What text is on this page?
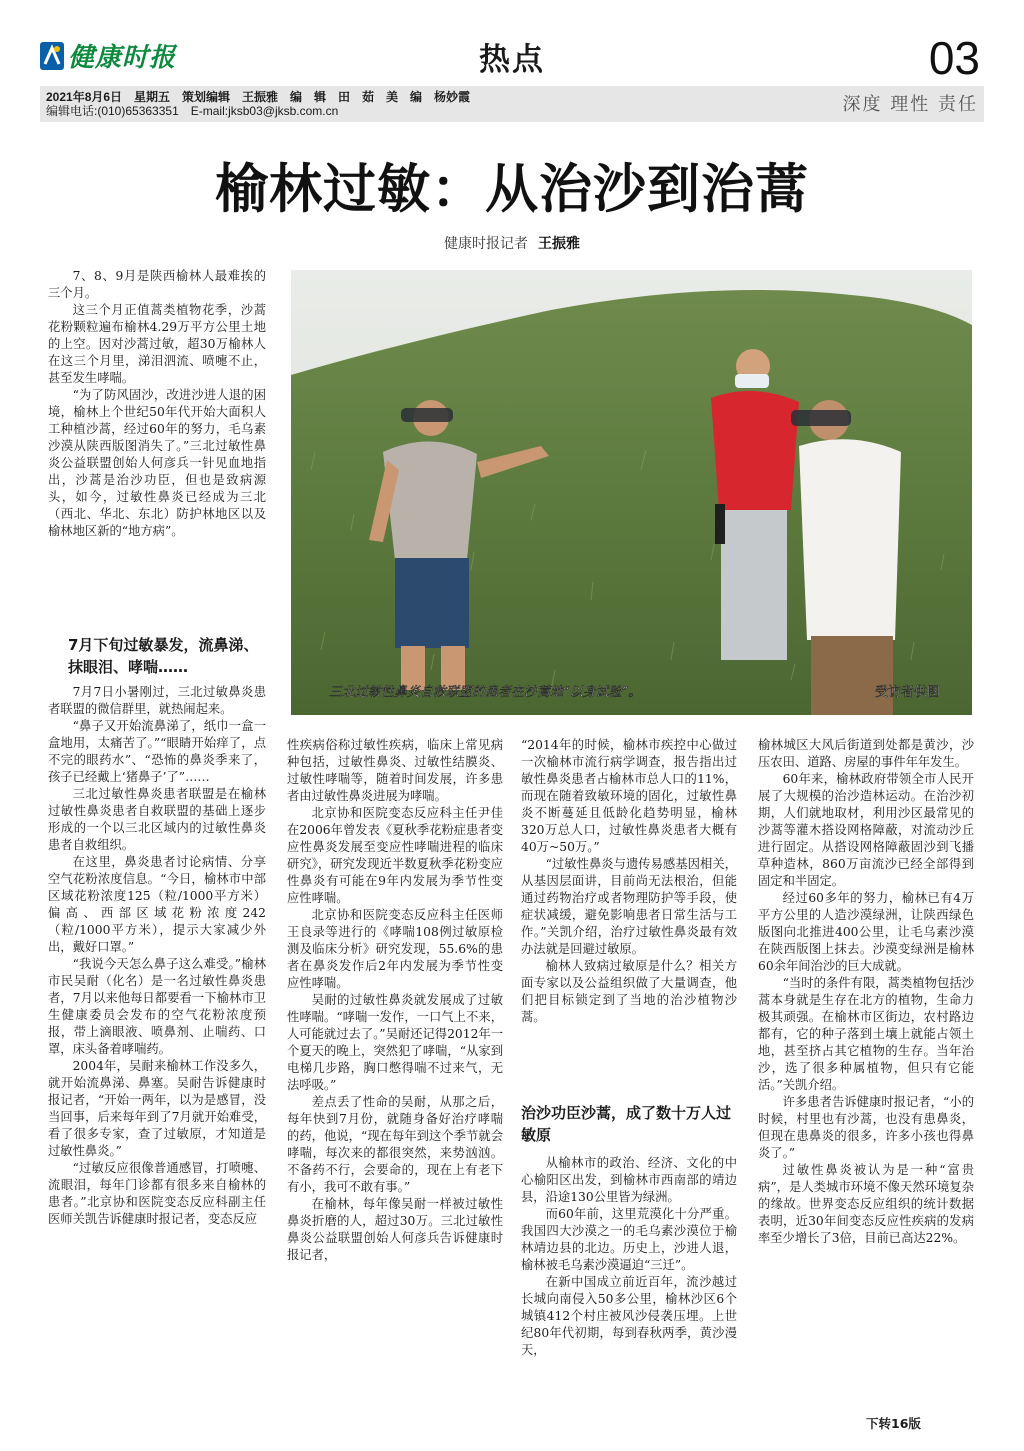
健康时报	热点	03
2021年8月6日　星期五　策划编辑　王振雅　编　辑　田　茹　美　编　杨妙霞
编辑电话:(010)65363351　E-mail:jksb03@jksb.com.cn	深度 理性 责任
榆林过敏：从治沙到治蒿
健康时报记者 王振雅
三北过敏性鼻炎自救联盟的患者在沙蒿地“以身试验”。	受访者供图

7、8、9月是陕西榆林人最难挨的三个月。

这三个月正值蒿类植物花季，沙蒿花粉颗粒遍布榆林4.29万平方公里土地的上空。因对沙蒿过敏，超30万榆林人在这三个月里，涕泪泗流、喷嚏不止，甚至发生哮喘。

“为了防风固沙，改进沙进人退的困境，榆林上个世纪50年代开始大面积人工种植沙蒿，经过60年的努力，毛乌素沙漠从陕西版图消失了。”三北过敏性鼻炎公益联盟创始人何彦兵一针见血地指出，沙蒿是治沙功臣，但也是致病源头，如今，过敏性鼻炎已经成为三北（西北、华北、东北）防护林地区以及榆林地区新的“地方病”。

7月下旬过敏暴发，流鼻涕、抹眼泪、哮喘……

7月7日小暑刚过，三北过敏鼻炎患者联盟的微信群里，就热闹起来。

“鼻子又开始流鼻涕了，纸巾一盒一盒地用，太痛苦了。”“眼睛开始痒了，点不完的眼药水”、“恐怖的鼻炎季来了，孩子已经戴上‘猪鼻子’了”……

三北过敏性鼻炎患者联盟是在榆林过敏性鼻炎患者自救联盟的基础上逐步形成的一个以三北区域内的过敏性鼻炎患者自救组织。

在这里，鼻炎患者讨论病情、分享空气花粉浓度信息。“今日，榆林市中部区域花粉浓度125（粒/1000平方米）偏高、西部区域花粉浓度242（粒/1000平方米），提示大家减少外出，戴好口罩。”

“我说今天怎么鼻子这么难受。”榆林市民吴耐（化名）是一名过敏性鼻炎患者，7月以来他每日都要看一下榆林市卫生健康委员会发布的空气花粉浓度预报，带上滴眼液、喷鼻剂、止喘药、口罩，床头备着哮喘药。

2004年，吴耐来榆林工作没多久，就开始流鼻涕、鼻塞。吴耐告诉健康时报记者，“开始一两年，以为是感冒，没当回事，后来每年到了7月就开始难受，看了很多专家，查了过敏原，才知道是过敏性鼻炎。”

“过敏反应很像普通感冒，打喷嚏、流眼泪，每年门诊都有很多来自榆林的患者。”北京协和医院变态反应科副主任医师关凯告诉健康时报记者，变态反应

性疾病俗称过敏性疾病，临床上常见病种包括，过敏性鼻炎、过敏性结膜炎、过敏性哮喘等，随着时间发展，许多患者由过敏性鼻炎进展为哮喘。

北京协和医院变态反应科主任尹佳在2006年曾发表《夏秋季花粉症患者变应性鼻炎发展至变应性哮喘进程的临床研究》，研究发现近半数夏秋季花粉变应性鼻炎有可能在9年内发展为季节性变应性哮喘。

北京协和医院变态反应科主任医师王良录等进行的《哮喘108例过敏原检测及临床分析》研究发现，55.6%的患者在鼻炎发作后2年内发展为季节性变应性哮喘。

吴耐的过敏性鼻炎就发展成了过敏性哮喘。“哮喘一发作，一口气上不来，人可能就过去了。”吴耐还记得2012年一个夏天的晚上，突然犯了哮喘，“从家到电梯几步路，胸口憋得喘不过来气，无法呼吸。”

差点丢了性命的吴耐，从那之后，每年快到7月份，就随身备好治疗哮喘的药，他说，“现在每年到这个季节就会哮喘，每次来的都很突然，来势汹汹。不备药不行，会要命的，现在上有老下有小，我可不敢有事。”

在榆林，每年像吴耐一样被过敏性鼻炎折磨的人，超过30万。三北过敏性鼻炎公益联盟创始人何彦兵告诉健康时报记者，

“2014年的时候，榆林市疾控中心做过一次榆林市流行病学调查，报告指出过敏性鼻炎患者占榆林市总人口的11%，而现在随着致敏环境的固化，过敏性鼻炎不断蔓延且低龄化趋势明显，榆林320万总人口，过敏性鼻炎患者大概有40万~50万。”

“过敏性鼻炎与遗传易感基因相关，从基因层面讲，目前尚无法根治，但能通过药物治疗或者物理防护等手段，使症状减缓，避免影响患者日常生活与工作。”关凯介绍，治疗过敏性鼻炎最有效办法就是回避过敏原。

榆林人致病过敏原是什么？相关方面专家以及公益组织做了大量调查，他们把目标锁定到了当地的治沙植物沙蒿。

治沙功臣沙蒿，成了数十万人过敏原

从榆林市的政治、经济、文化的中心榆阳区出发，到榆林市西南部的靖边县，沿途130公里皆为绿洲。

而60年前，这里荒漠化十分严重。我国四大沙漠之一的毛乌素沙漠位于榆林靖边县的北边。历史上，沙进人退，榆林被毛乌素沙漠逼迫“三迁”。

在新中国成立前近百年，流沙越过长城向南侵入50多公里，榆林沙区6个城镇412个村庄被风沙侵袭压埋。上世纪80年代初期，每到春秋两季，黄沙漫天，

榆林城区大风后街道到处都是黄沙，沙压农田、道路、房屋的事件年年发生。

60年来，榆林政府带领全市人民开展了大规模的治沙造林运动。在治沙初期，人们就地取材，利用沙区最常见的沙蒿等灌木搭设网格障蔽，对流动沙丘进行固定。从搭设网格障蔽固沙到飞播草种造林，860万亩流沙已经全部得到固定和半固定。

经过60多年的努力，榆林已有4万平方公里的人造沙漠绿洲，让陕西绿色版图向北推进400公里，让毛乌素沙漠在陕西版图上抹去。沙漠变绿洲是榆林60余年间治沙的巨大成就。

“当时的条件有限，蒿类植物包括沙蒿本身就是生存在北方的植物，生命力极其顽强。在榆林市区街边，农村路边都有，它的种子落到土壤上就能占领土地，甚至挤占其它植物的生存。当年治沙，选了很多种属植物，但只有它能活。”关凯介绍。

许多患者告诉健康时报记者，“小的时候，村里也有沙蒿，也没有患鼻炎，但现在患鼻炎的很多，许多小孩也得鼻炎了。”

过敏性鼻炎被认为是一种“富贵病”，是人类城市环境不像天然环境复杂的缘故。世界变态反应组织的统计数据表明，近30年间变态反应性疾病的发病率至少增长了3倍，目前已高达22%。

下转16版
